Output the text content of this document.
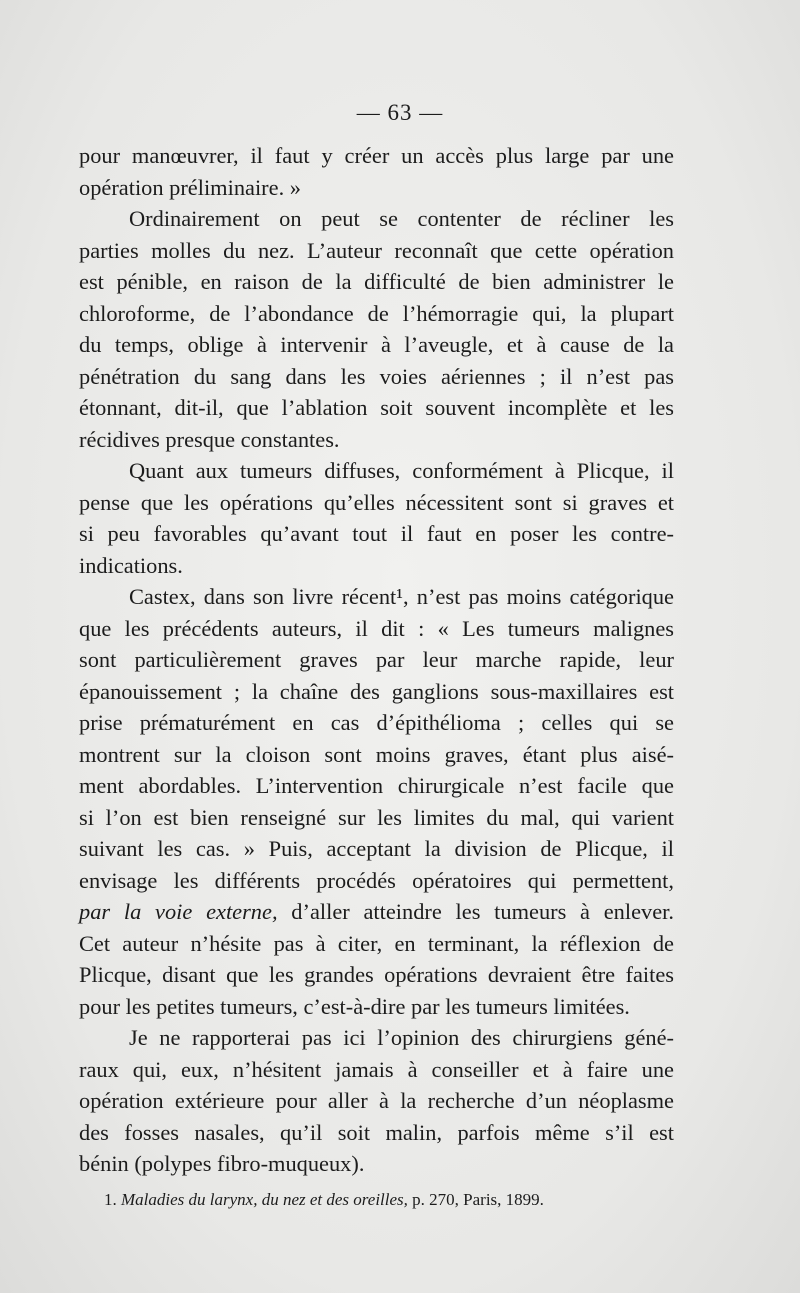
— 63 —
pour manœuvrer, il faut y créer un accès plus large par une
opération préliminaire. »
Ordinairement on peut se contenter de récliner les
parties molles du nez. L’auteur reconnaît que cette opération
est pénible, en raison de la difficulté de bien administrer le
chloroforme, de l’abondance de l’hémorragie qui, la plupart
du temps, oblige à intervenir à l’aveugle, et à cause de la
pénétration du sang dans les voies aériennes ; il n’est pas
étonnant, dit-il, que l’ablation soit souvent incomplète et les
récidives presque constantes.
Quant aux tumeurs diffuses, conformément à Plicque, il
pense que les opérations qu’elles nécessitent sont si graves et
si peu favorables qu’avant tout il faut en poser les contre-
indications.
Castex, dans son livre récent¹, n’est pas moins catégorique
que les précédents auteurs, il dit : « Les tumeurs malignes
sont particulièrement graves par leur marche rapide, leur
épanouissement ; la chaîne des ganglions sous-maxillaires est
prise prématurément en cas d’épithélioma ; celles qui se
montrent sur la cloison sont moins graves, étant plus aisé-
ment abordables. L’intervention chirurgicale n’est facile que
si l’on est bien renseigné sur les limites du mal, qui varient
suivant les cas. » Puis, acceptant la division de Plicque, il
envisage les différents procédés opératoires qui permettent,
par la voie externe, d’aller atteindre les tumeurs à enlever.
Cet auteur n’hésite pas à citer, en terminant, la réflexion de
Plicque, disant que les grandes opérations devraient être faites
pour les petites tumeurs, c’est-à-dire par les tumeurs limitées.
Je ne rapporterai pas ici l’opinion des chirurgiens géné-
raux qui, eux, n’hésitent jamais à conseiller et à faire une
opération extérieure pour aller à la recherche d’un néoplasme
des fosses nasales, qu’il soit malin, parfois même s’il est
bénin (polypes fibro-muqueux).
1. Maladies du larynx, du nez et des oreilles, p. 270, Paris, 1899.
